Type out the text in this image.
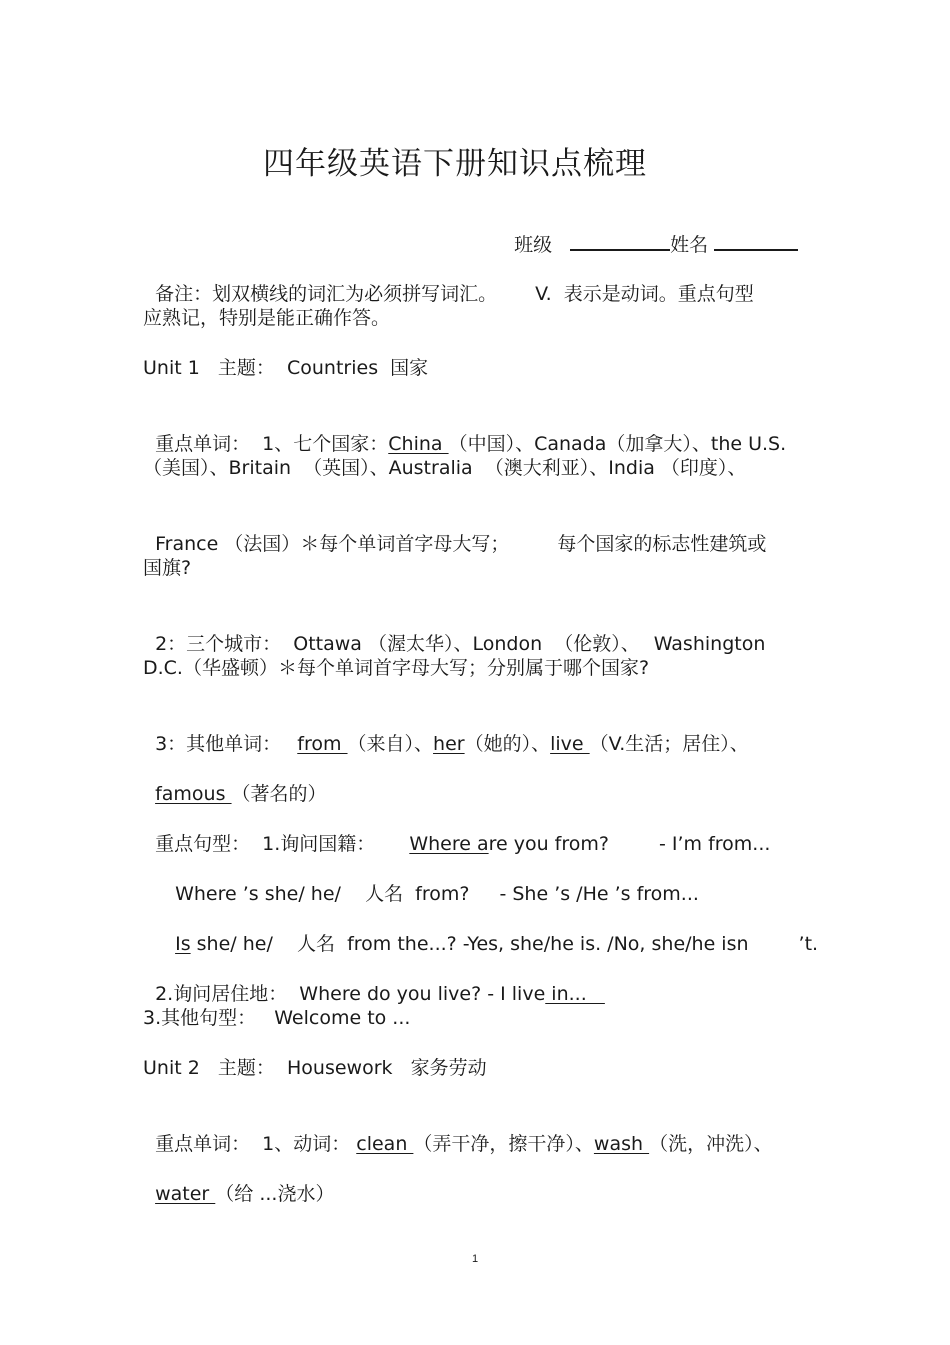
四年级英语下册知识点梳理

班级	姓名

备注：划双横线的词汇为必须拼写词汇。 V.  表示是动词。重点句型

应熟记，特别是能正确作答。
Unit 1   主题：  Countries  国家

重点单词：  1、七个国家：China （中国）、Canada（加拿大）、the U.S.

（美国）、Britain  （英国）、Australia  （澳大利亚）、India （印度）、

France （法国）＊每个单词首字母大写；	每个国家的标志性建筑或

国旗?

2：三个城市：  Ottawa （渥太华）、London  （伦敦）、 Washington

D.C.（华盛顿）＊每个单词首字母大写；分别属于哪个国家?

3：其他单词：  from （来自）、her（她的）、live （V.生活；居住）、

famous （著名的）

重点句型：  1.询问国籍： Where are you from?	- I’m from...

Where ’s she/ he/    人名  from? - She ’s /He ’s from...

Is she/ he/    人名  from the...? -Yes, she/he is. /No, she/he isn	’t.

2.询问居住地：  Where do you live? - I live in...

3.其他句型：   Welcome to ...
Unit 2   主题：  Housework   家务劳动

重点单词：  1、动词： clean （弄干净，擦干净）、wash （洗，冲洗）、

water （给 ...浇水）

1
